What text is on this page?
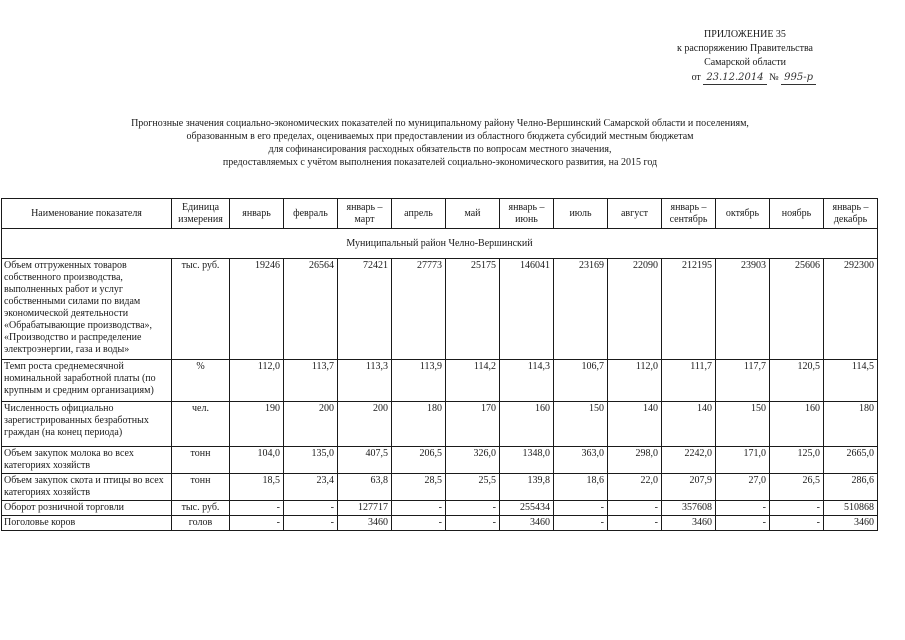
ПРИЛОЖЕНИЕ 35
к распоряжению Правительства
Самарской области
от 23.12.2014 № 995-р
Прогнозные значения социально-экономических показателей по муниципальному району Челно-Вершинский Самарской области и поселениям,
образованным в его пределах, оцениваемых при предоставлении из областного бюджета субсидий местным бюджетам
для софинансирования расходных обязательств по вопросам местного значения,
предоставляемых с учётом выполнения показателей социально-экономического развития, на 2015 год
Наименование показателя	Единица измерения	январь	февраль	январь – март	апрель	май	январь – июнь	июль	август	январь – сентябрь	октябрь	ноябрь	январь – декабрь
Муниципальный район Челно-Вершинский													
Объем отгруженных товаров собственного производства, выполненных работ и услуг собственными силами по видам экономической деятельности «Обрабатывающие производства», «Производство и распределение электроэнергии, газа и воды»	тыс. руб.	19246	26564	72421	27773	25175	146041	23169	22090	212195	23903	25606	292300
Темп роста среднемесячной номинальной заработной платы (по крупным и средним организациям)	%	112,0	113,7	113,3	113,9	114,2	114,3	106,7	112,0	111,7	117,7	120,5	114,5
Численность официально зарегистрированных безработных граждан (на конец периода)	чел.	190	200	200	180	170	160	150	140	140	150	160	180
Объем закупок молока во всех категориях хозяйств	тонн	104,0	135,0	407,5	206,5	326,0	1348,0	363,0	298,0	2242,0	171,0	125,0	2665,0
Объем закупок скота и птицы во всех категориях хозяйств	тонн	18,5	23,4	63,8	28,5	25,5	139,8	18,6	22,0	207,9	27,0	26,5	286,6
Оборот розничной торговли	тыс. руб.	-	-	127717	-	-	255434	-	-	357608	-	-	510868
Поголовье коров	голов	-	-	3460	-	-	3460	-	-	3460	-	-	3460
